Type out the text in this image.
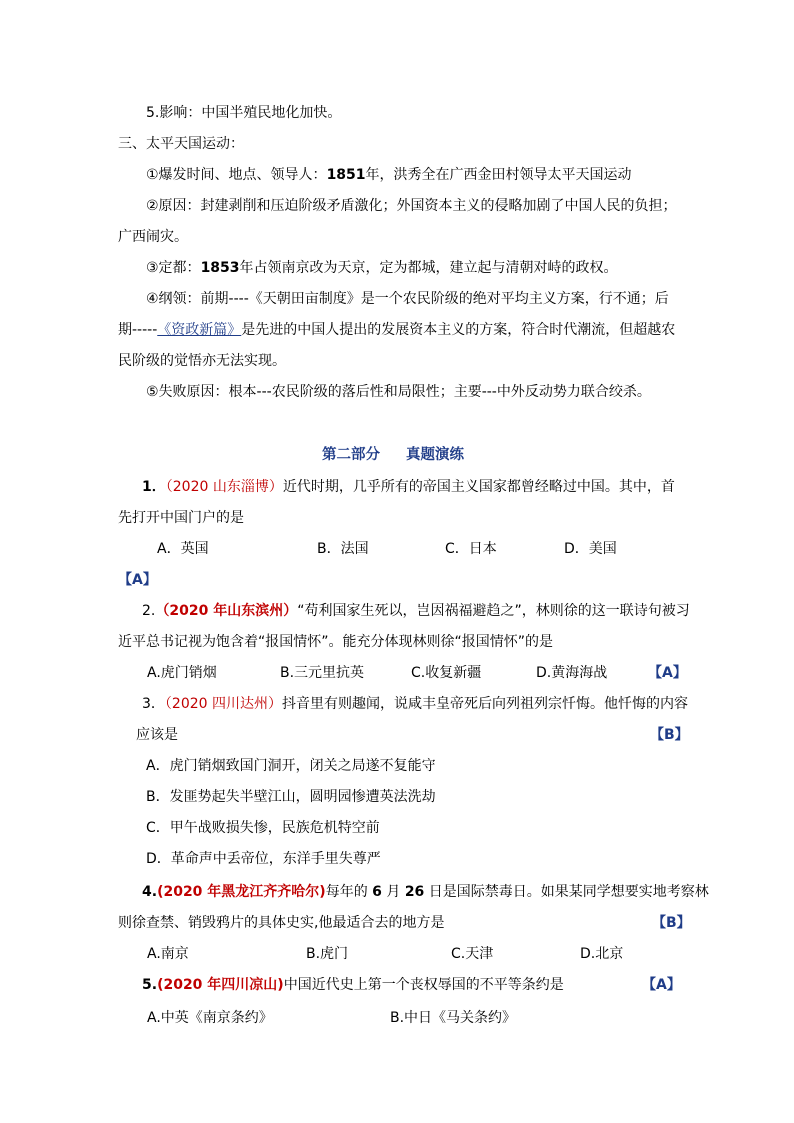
5.影响：中国半殖民地化加快。
三、太平天国运动：
①爆发时间、地点、领导人：1851年，洪秀全在广西金田村领导太平天国运动
②原因：封建剥削和压迫阶级矛盾激化；外国资本主义的侵略加剧了中国人民的负担；
广西闹灾。
③定都：1853年占领南京改为天京，定为都城，建立起与清朝对峙的政权。
④纲领：前期----《天朝田亩制度》是一个农民阶级的绝对平均主义方案，行不通；后
期-----《资政新篇》是先进的中国人提出的发展资本主义的方案，符合时代潮流，但超越农
民阶级的觉悟亦无法实现。
⑤失败原因：根本---农民阶级的落后性和局限性；主要---中外反动势力联合绞杀。
第二部分 真题演练
1．（2020 山东淄博）近代时期，几乎所有的帝国主义国家都曾经略过中国。其中，首
先打开中国门户的是
A．英国	B．法国	C．日本	D．美国
【A】
2.（2020 年山东滨州）“苟利国家生死以，岂因祸福避趋之”，林则徐的这一联诗句被习
近平总书记视为饱含着“报国情怀”。能充分体现林则徐“报国情怀”的是
A.虎门销烟	B.三元里抗英	C.收复新疆	D.黄海海战	【A】
3．（2020 四川达州）抖音里有则趣闻，说咸丰皇帝死后向列祖列宗忏悔。他忏悔的内容
应该是	【B】
A．虎门销烟致国门洞开，闭关之局遂不复能守
B．发匪势起失半壁江山，圆明园惨遭英法洗劫
C．甲午战败损失惨，民族危机特空前
D．革命声中丢帝位，东洋手里失尊严
4.(2020 年黑龙江齐齐哈尔)每年的 6 月 26 日是国际禁毒日。如果某同学想要实地考察林
则徐查禁、销毁鸦片的具体史实,他最适合去的地方是	【B】
A.南京	B.虎门	C.天津	D.北京
5.(2020 年四川凉山)中国近代史上第一个丧权辱国的不平等条约是	【A】
A.中英《南京条约》	B.中日《马关条约》
